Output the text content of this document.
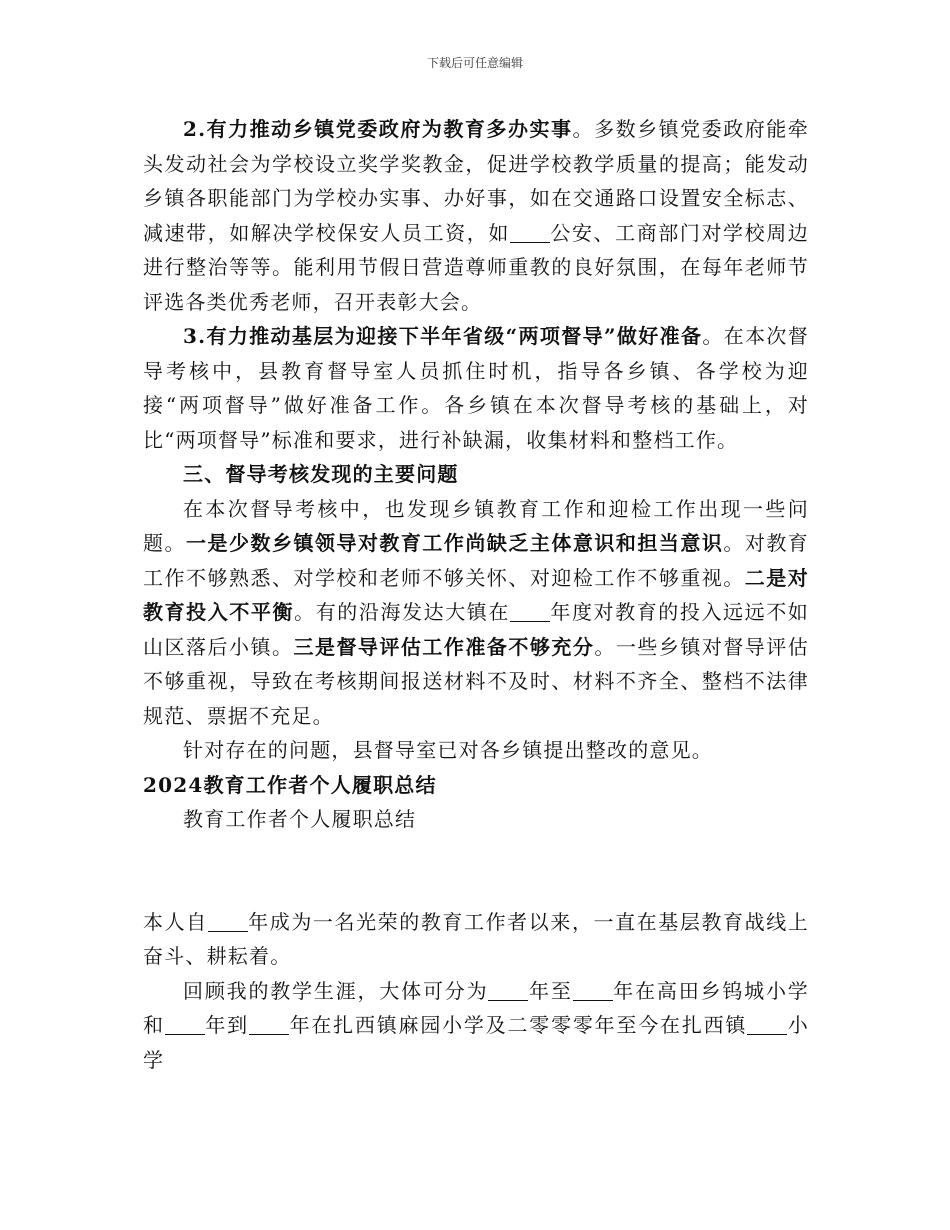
下载后可任意编辑

2.有力推动乡镇党委政府为教育多办实事。多数乡镇党委政府能牵头发动社会为学校设立奖学奖教金，促进学校教学质量的提高；能发动乡镇各职能部门为学校办实事、办好事，如在交通路口设置安全标志、减速带，如解决学校保安人员工资，如 公安、工商部门对学校周边进行整治等等。能利用节假日营造尊师重教的良好氛围，在每年老师节评选各类优秀老师，召开表彰大会。

3.有力推动基层为迎接下半年省级“两项督导”做好准备。在本次督导考核中，县教育督导室人员抓住时机，指导各乡镇、各学校为迎接“两项督导”做好准备工作。各乡镇在本次督导考核的基础上，对比“两项督导”标准和要求，进行补缺漏，收集材料和整档工作。

三、督导考核发现的主要问题

在本次督导考核中，也发现乡镇教育工作和迎检工作出现一些问题。一是少数乡镇领导对教育工作尚缺乏主体意识和担当意识。对教育工作不够熟悉、对学校和老师不够关怀、对迎检工作不够重视。二是对教育投入不平衡。有的沿海发达大镇在 年度对教育的投入远远不如山区落后小镇。三是督导评估工作准备不够充分。一些乡镇对督导评估不够重视，导致在考核期间报送材料不及时、材料不齐全、整档不法律规范、票据不充足。

针对存在的问题，县督导室已对各乡镇提出整改的意见。

2024教育工作者个人履职总结

教育工作者个人履职总结

本人自 年成为一名光荣的教育工作者以来，一直在基层教育战线上奋斗、耕耘着。

回顾我的教学生涯，大体可分为 年至 年在高田乡钨城小学和 年到 年在扎西镇麻园小学及二零零零年至今在扎西镇 小学
